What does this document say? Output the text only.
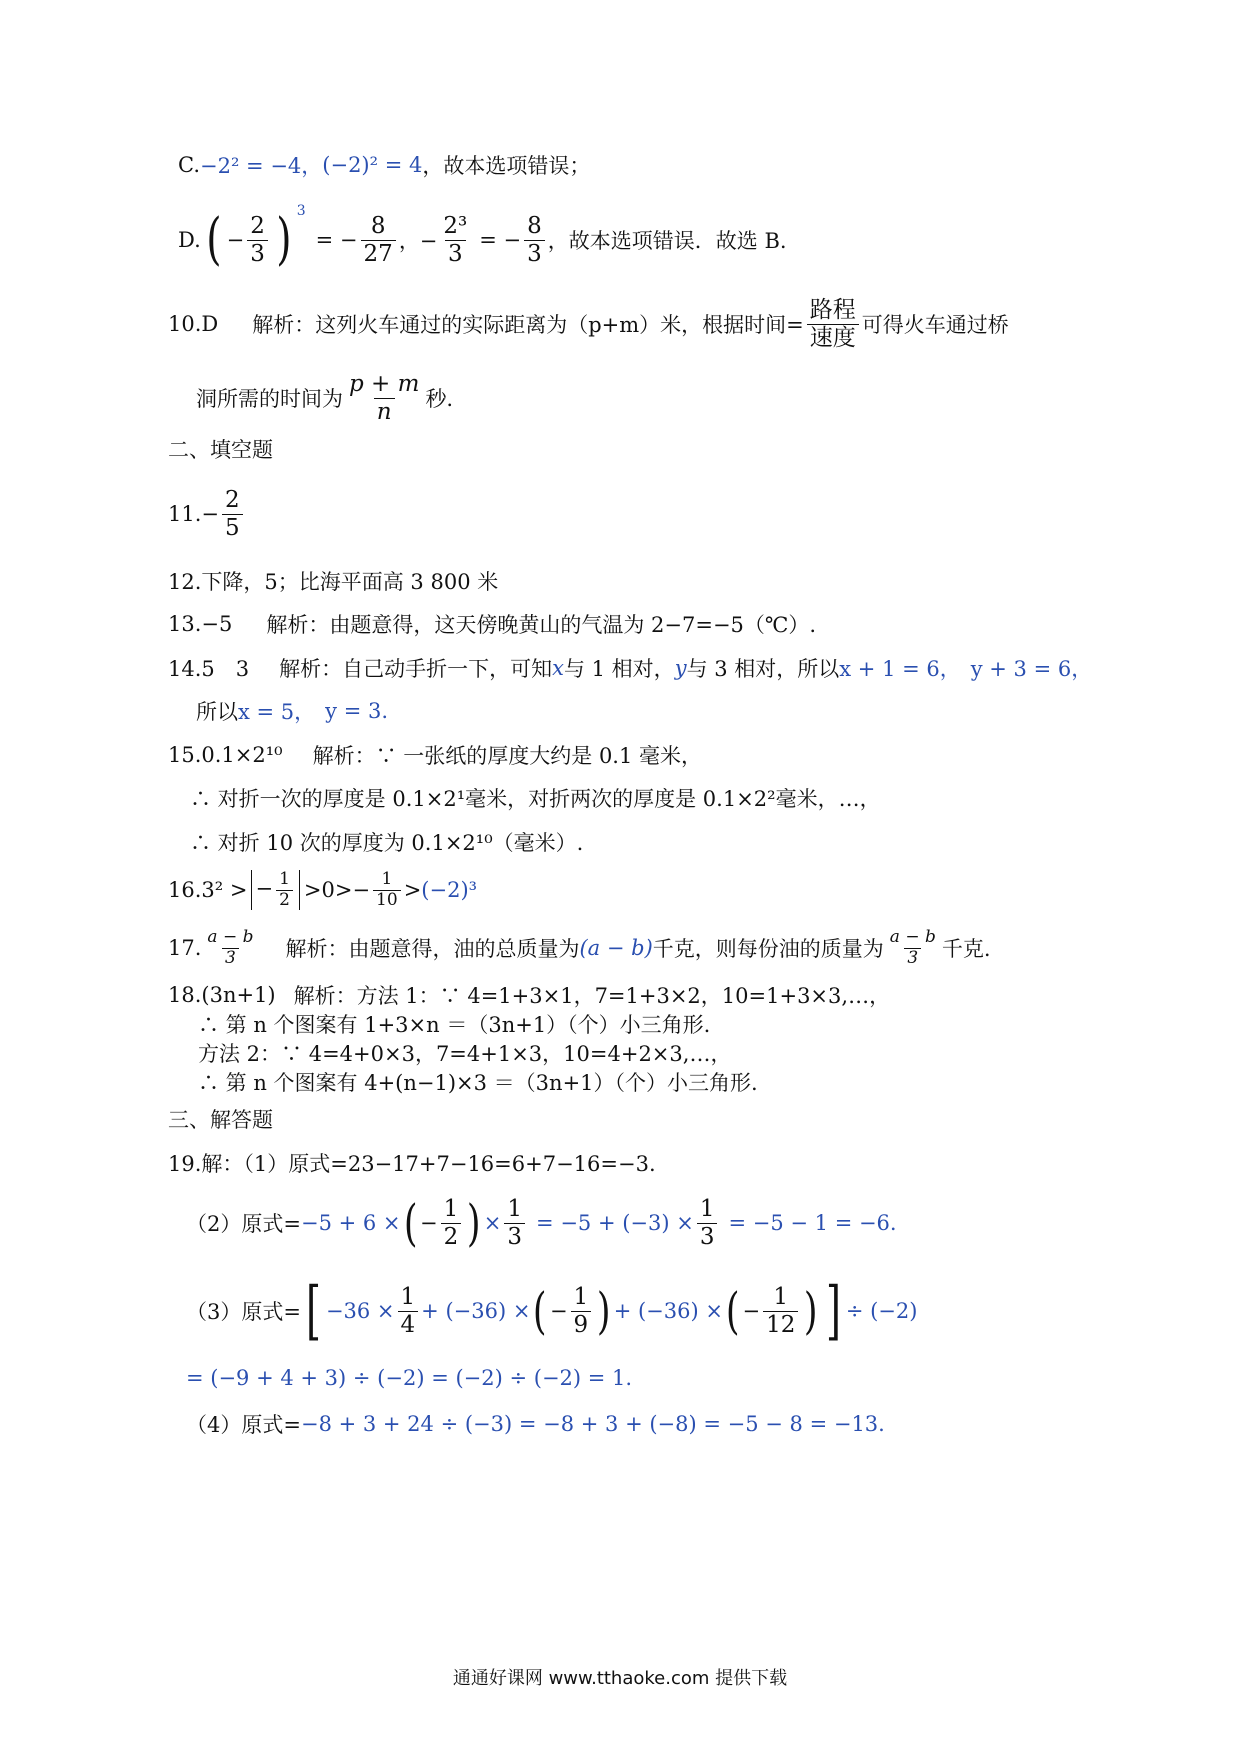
C. −2² = −4， (−2)² = 4 ，故本选项错误；
D. ( − $\frac{2}{3}$ ) 3
= − $\frac{8}{27}$ ，− $\frac{\text{2³}}{3}$ = − $\frac{8}{3}$ ，故本选项错误．故选 B.
10.D 解析：这列火车通过的实际距离为（p+m）米，根据时间= $\frac{\text{路程}}{\text{速度}}$ 可得火车通过桥
洞所需的时间为 $\frac{p + m}{n}$ 秒.
二、填空题
$11.- \frac{2}{5}$
12.下降，5；比海平面高 3 800 米
13.−5 解析：由题意得，这天傍晚黄山的气温为 2−7=−5（℃）.
14.5　3 解析：自己动手折一下，可知 x 与 1 相对， y 与 3 相对，所以 x + 1 = 6， y + 3 = 6，
所以 x = 5， y = 3.
15.0.1×2¹⁰ 解析：∵ 一张纸的厚度大约是 0.1 毫米，
∴ 对折一次的厚度是 0.1×2¹毫米，对折两次的厚度是 0.1×2²毫米，…，
∴ 对折 10 次的厚度为 0.1×2¹⁰（毫米）.
16.3² > − $\frac{1}{2} >0>- \frac{1}{10} > (-2)^3$
17. $\frac{a - b}{3}$ 解析：由题意得，油的总质量为 (a − b) 千克，则每份油的质量为 $\frac{a - b}{3}$ 千克.
18.(3n+1) 解析：方法 1：∵ 4=1+3×1，7=1+3×2，10=1+3×3,…，
∴ 第 n 个图案有 1+3×n ＝（3n+1）（个）小三角形.
方法 2：∵ 4=4+0×3，7=4+1×3，10=4+2×3,…，
∴ 第 n 个图案有 4+(n−1)×3 ＝（3n+1）（个）小三角形.
三、解答题
19.解：（1）原式=23−17+7−16=6+7−16=−3.
（2）原式= −5 + 6 × ( − $\frac{1}{2}$ ) × $\frac{1}{3} = -5 + (-3) \times \frac{1}{3} = -5 - 1 = -6$.
（3）原式= [ $-36 \times \frac{1}{4} + (-36)$ × ( − $\frac{1}{9}$ ) + (−36) × ( − $\frac{1}{12}$ ) ] ÷ (−2)
= (−9 + 4 + 3) ÷ (−2) = (−2) ÷ (−2) = 1.
（4）原式= −8 + 3 + 24 ÷ (−3) = −8 + 3 + (−8) = −5 − 8 = −13.
通通好课网 www.tthaoke.com 提供下载
